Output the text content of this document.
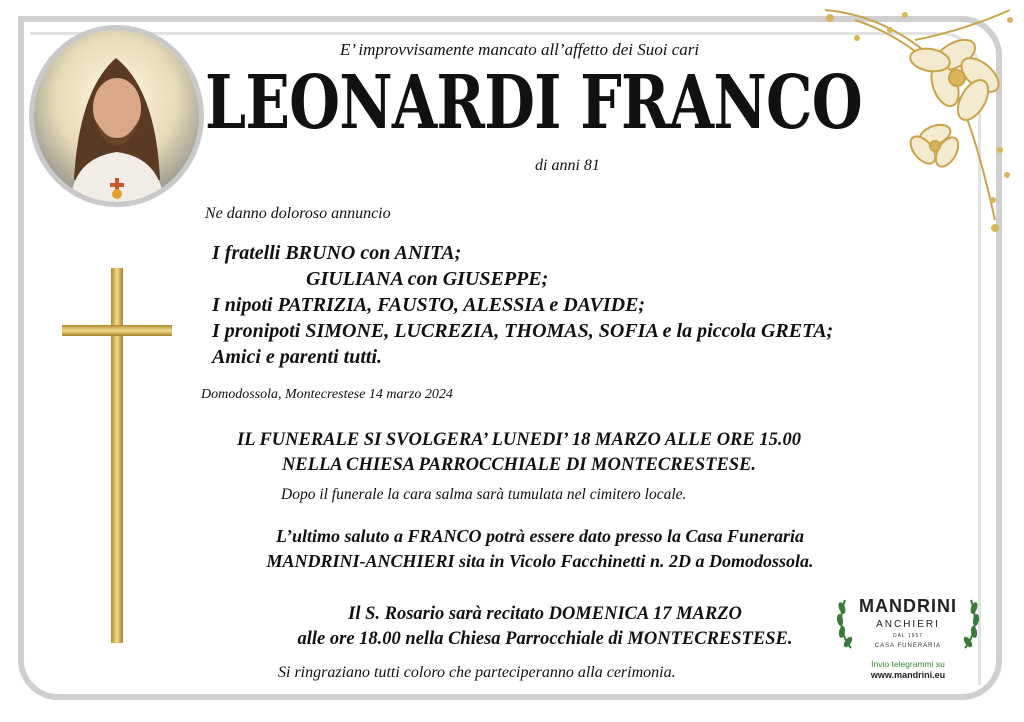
E’ improvvisamente mancato all’affetto dei Suoi cari
LEONARDI FRANCO
di anni 81
Ne danno doloroso annuncio
I fratelli BRUNO con ANITA;
GIULIANA con GIUSEPPE;
I nipoti PATRIZIA, FAUSTO, ALESSIA e DAVIDE;
I pronipoti SIMONE, LUCREZIA, THOMAS, SOFIA e la piccola GRETA;
Amici e parenti tutti.
Domodossola, Montecrestese 14 marzo 2024
IL FUNERALE SI SVOLGERA’ LUNEDI’ 18 MARZO ALLE ORE 15.00
NELLA CHIESA PARROCCHIALE DI MONTECRESTESE.
Dopo il funerale la cara salma sarà tumulata nel cimitero locale.
L’ultimo saluto a FRANCO potrà essere dato presso la Casa Funeraria
MANDRINI-ANCHIERI sita in Vicolo Facchinetti n. 2D a Domodossola.
Il S. Rosario sarà recitato DOMENICA 17 MARZO
alle ore 18.00 nella Chiesa Parrocchiale di MONTECRESTESE.
Si ringraziano tutti coloro che parteciperanno alla cerimonia.
MANDRINI
ANCHIERI
DAL 1957
CASA FUNERARIA
Invio telegrammi su
www.mandrini.eu
